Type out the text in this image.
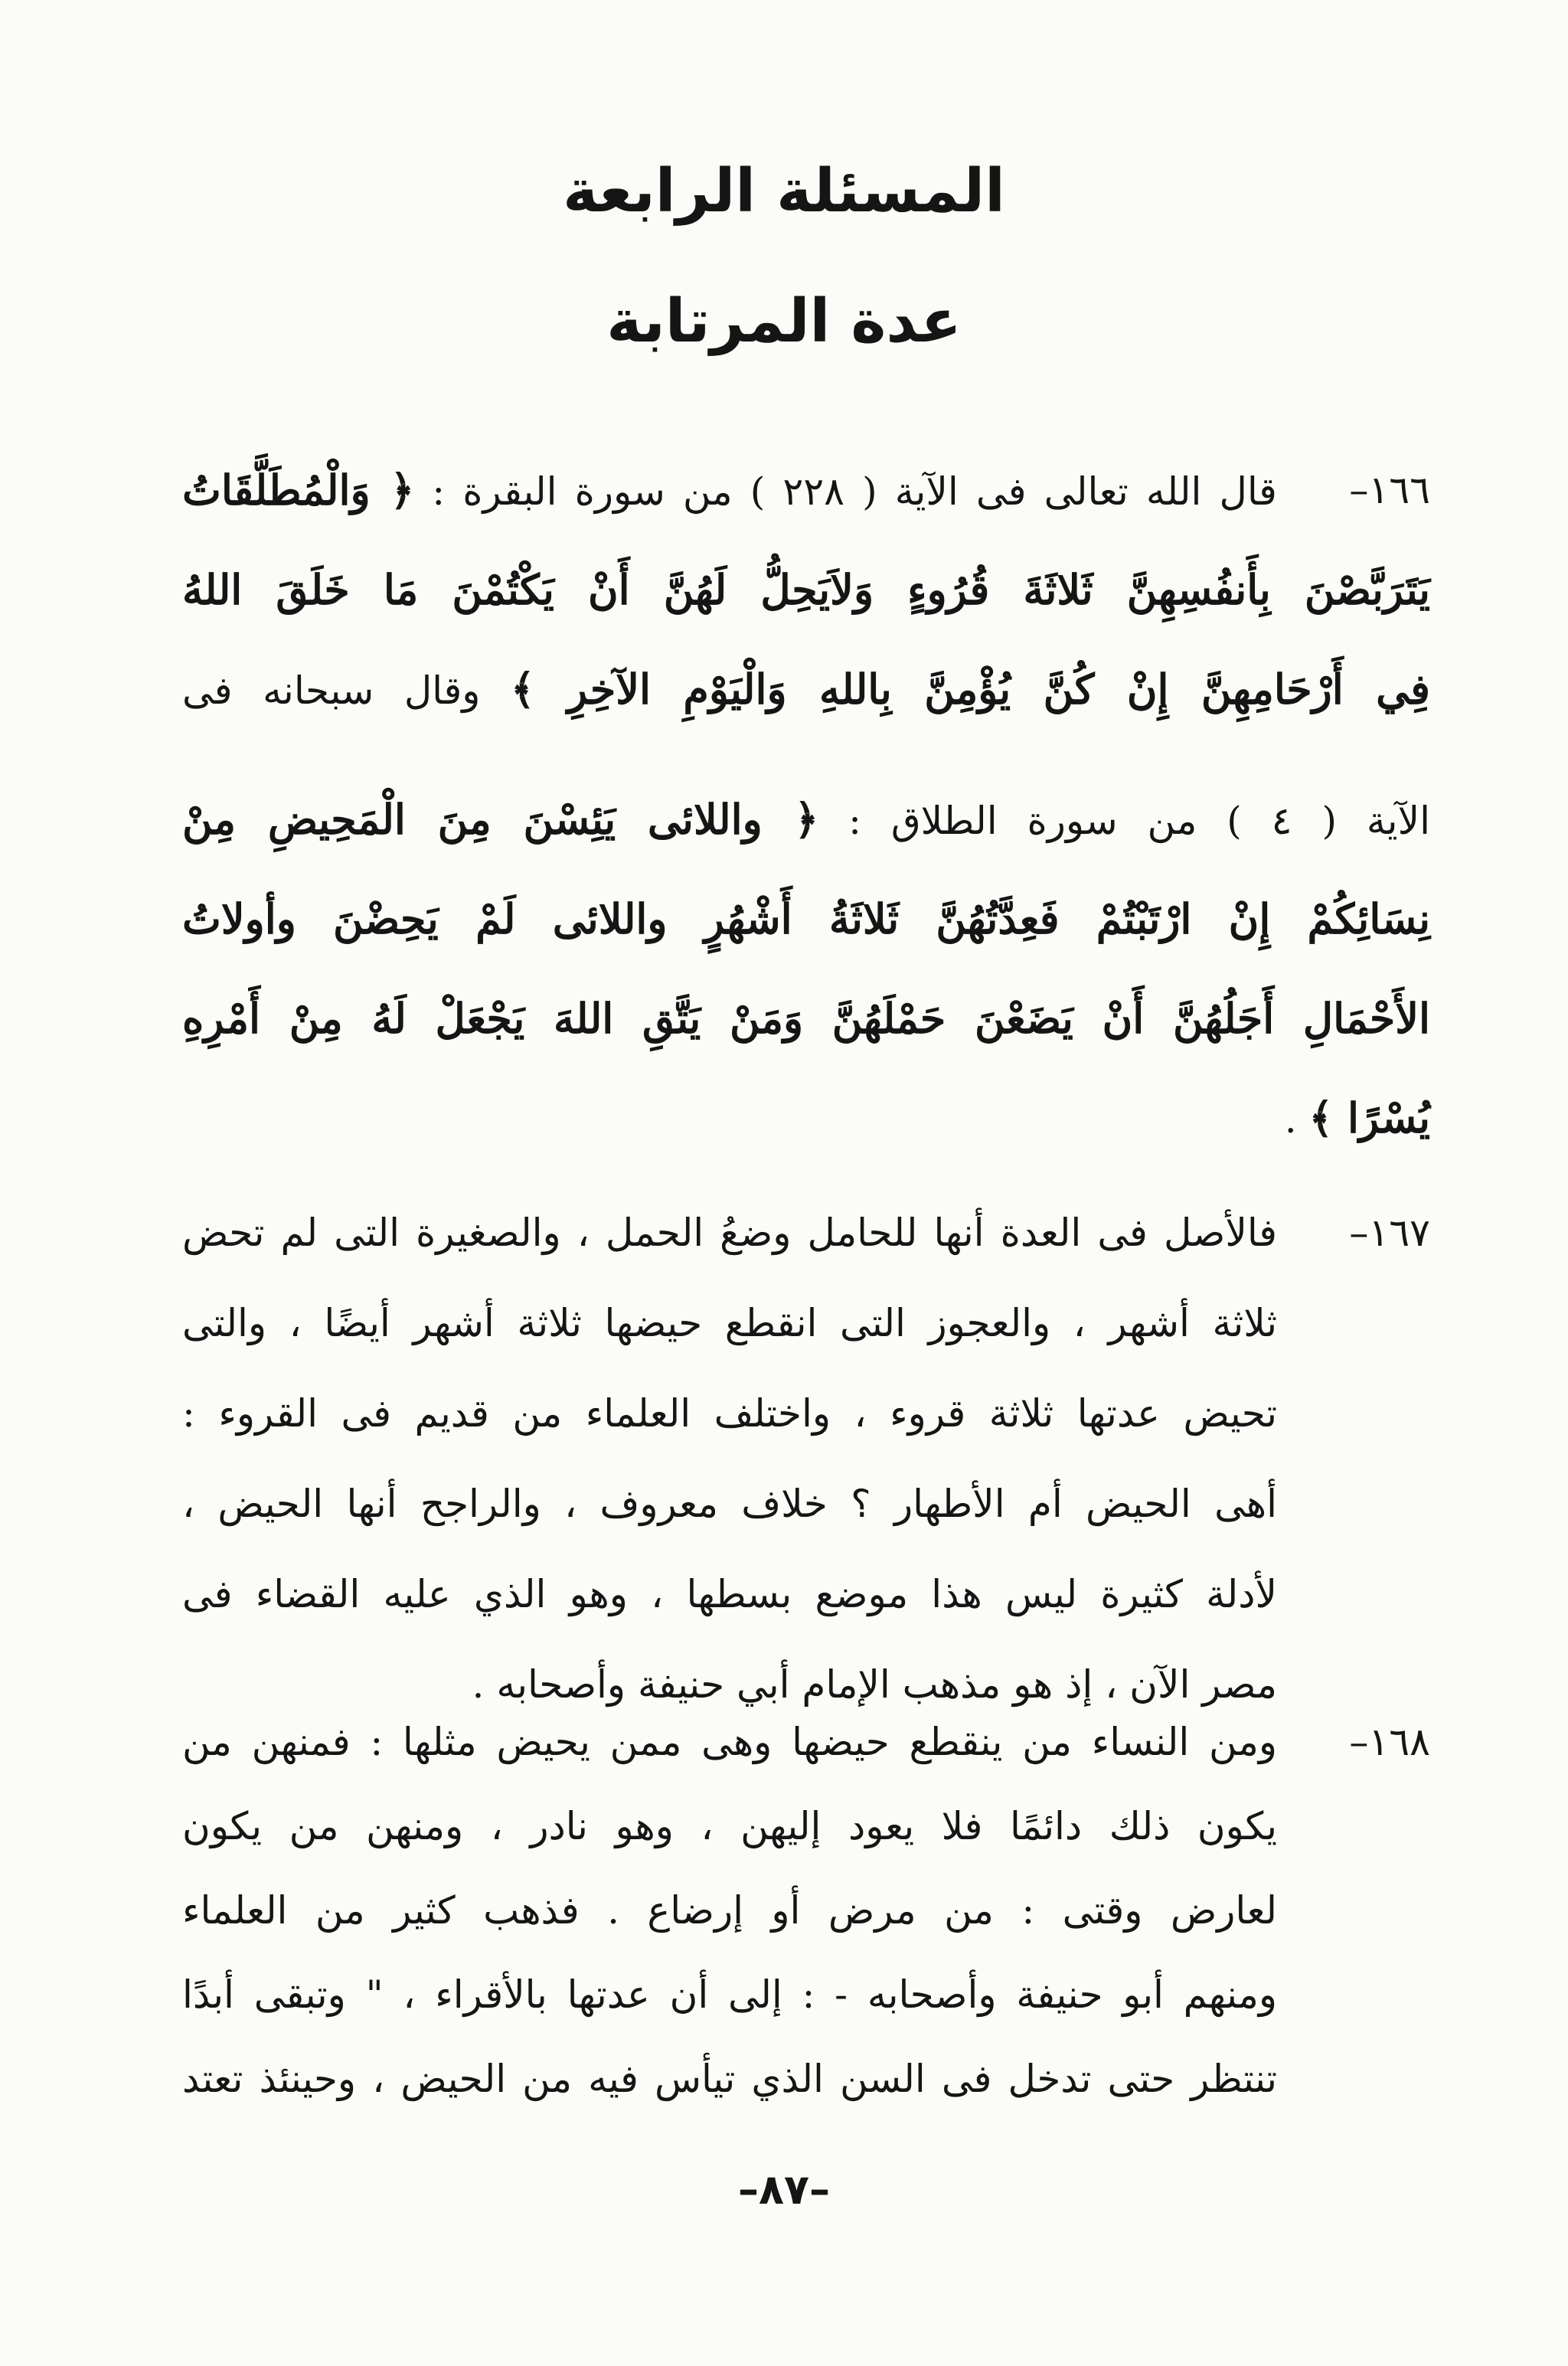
المسئلة الرابعة
عدة المرتابة
١٦٦–
قال الله تعالى فى الآية ( ٢٢٨ ) من سورة البقرة : ﴿ وَالْمُطَلَّقَاتُ
يَتَرَبَّصْنَ بِأَنفُسِهِنَّ ثَلاثَةَ قُرُوءٍ وَلاَيَحِلُّ لَهُنَّ أَنْ يَكْتُمْنَ مَا خَلَقَ اللهُ
فِي أَرْحَامِهِنَّ إِنْ كُنَّ يُؤْمِنَّ بِاللهِ وَالْيَوْمِ الآخِرِ ﴾ وقال سبحانه فى
الآية ( ٤ ) من سورة الطلاق : ﴿ واللائى يَئِسْنَ مِنَ الْمَحِيضِ مِنْ
نِسَائِكُمْ إِنْ ارْتَبْتُمْ فَعِدَّتُهُنَّ ثَلاثَةُ أَشْهُرٍ واللائى لَمْ يَحِضْنَ وأولاتُ
الأَحْمَالِ أَجَلُهُنَّ أَنْ يَضَعْنَ حَمْلَهُنَّ وَمَنْ يَتَّقِ اللهَ يَجْعَلْ لَهُ مِنْ أَمْرِهِ
يُسْرًا ﴾ .
١٦٧–
فالأصل فى العدة أنها للحامل وضعُ الحمل ، والصغيرة التى لم تحض
ثلاثة أشهر ، والعجوز التى انقطع حيضها ثلاثة أشهر أيضًا ، والتى
تحيض عدتها ثلاثة قروء ، واختلف العلماء من قديم فى القروء :
أهى الحيض أم الأطهار ؟ خلاف معروف ، والراجح أنها الحيض ،
لأدلة كثيرة ليس هذا موضع بسطها ، وهو الذي عليه القضاء فى
مصر الآن ، إذ هو مذهب الإمام أبي حنيفة وأصحابه .
١٦٨–
ومن النساء من ينقطع حيضها وهى ممن يحيض مثلها : فمنهن من
يكون ذلك دائمًا فلا يعود إليهن ، وهو نادر ، ومنهن من يكون
لعارض وقتى : من مرض أو إرضاع . فذهب كثير من العلماء
ومنهم أبو حنيفة وأصحابه - : إلى أن عدتها بالأقراء ، " وتبقى أبدًا
تنتظر حتى تدخل فى السن الذي تيأس فيه من الحيض ، وحينئذ تعتد
–٨٧–
